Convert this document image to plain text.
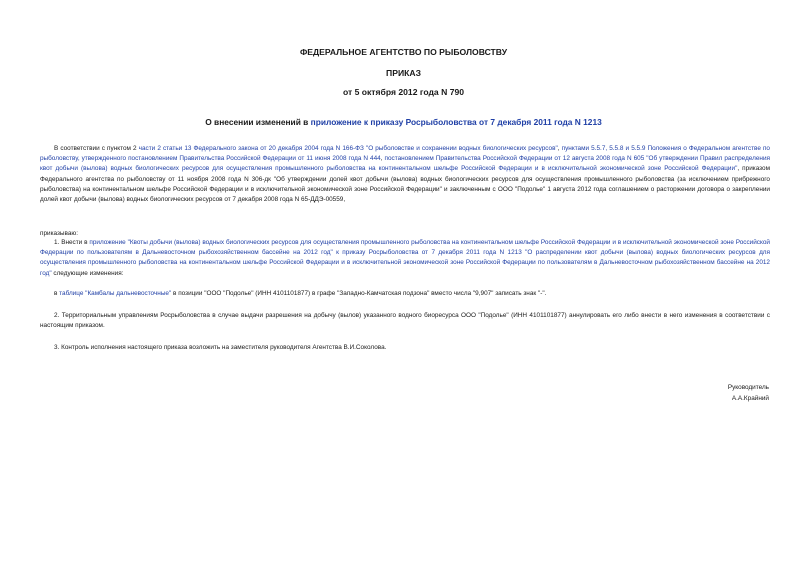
ФЕДЕРАЛЬНОЕ АГЕНТСТВО ПО РЫБОЛОВСТВУ

ПРИКАЗ

от 5 октября 2012 года N 790

О внесении изменений в приложение к приказу Росрыболовства от 7 декабря 2011 года N 1213

В соответствии с пунктом 2 части 2 статьи 13 Федерального закона от 20 декабря 2004 года N 166-ФЗ "О рыболовстве и сохранении водных биологических ресурсов", пунктами 5.5.7, 5.5.8 и 5.5.9 Положения о Федеральном агентстве по рыболовству, утвержденного постановлением Правительства Российской Федерации от 11 июня 2008 года N 444, постановлением Правительства Российской Федерации от 12 августа 2008 года N 605 "Об утверждении Правил распределения квот добычи (вылова) водных биологических ресурсов для осуществления промышленного рыболовства на континентальном шельфе Российской Федерации и в исключительной экономической зоне Российской Федерации", приказом Федерального агентства по рыболовству от 11 ноября 2008 года N 306-дк "Об утверждении долей квот добычи (вылова) водных биологических ресурсов для осуществления промышленного рыболовства (за исключением прибрежного рыболовства) на континентальном шельфе Российской Федерации и в исключительной экономической зоне Российской Федерации" и заключенным с ООО "Подолье" 1 августа 2012 года соглашением о расторжении договора о закреплении долей квот добычи (вылова) водных биологических ресурсов от 7 декабря 2008 года N 65-ДДЭ-00559,

приказываю:

1. Внести в приложение "Квоты добычи (вылова) водных биологических ресурсов для осуществления промышленного рыболовства на континентальном шельфе Российской Федерации и в исключительной экономической зоне Российской Федерации по пользователям в Дальневосточном рыбохозяйственном бассейне на 2012 год" к приказу Росрыболовства от 7 декабря 2011 года N 1213 "О распределении квот добычи (вылова) водных биологических ресурсов для осуществления промышленного рыболовства на континентальном шельфе Российской Федерации и в исключительной экономической зоне Российской Федерации по пользователям в Дальневосточном рыбохозяйственном бассейне на 2012 год" следующие изменения:

в таблице "Камбалы дальневосточные" в позиции "ООО "Подолье" (ИНН 4101101877) в графе "Западно-Камчатская подзона" вместо числа "9,907" записать знак "-".

2. Территориальным управлениям Росрыболовства в случае выдачи разрешения на добычу (вылов) указанного водного биоресурса ООО "Подолье" (ИНН 4101101877) аннулировать его либо внести в него изменения в соответствии с настоящим приказом.

3. Контроль исполнения настоящего приказа возложить на заместителя руководителя Агентства В.И.Соколова.

Руководитель

А.А.Крайний
